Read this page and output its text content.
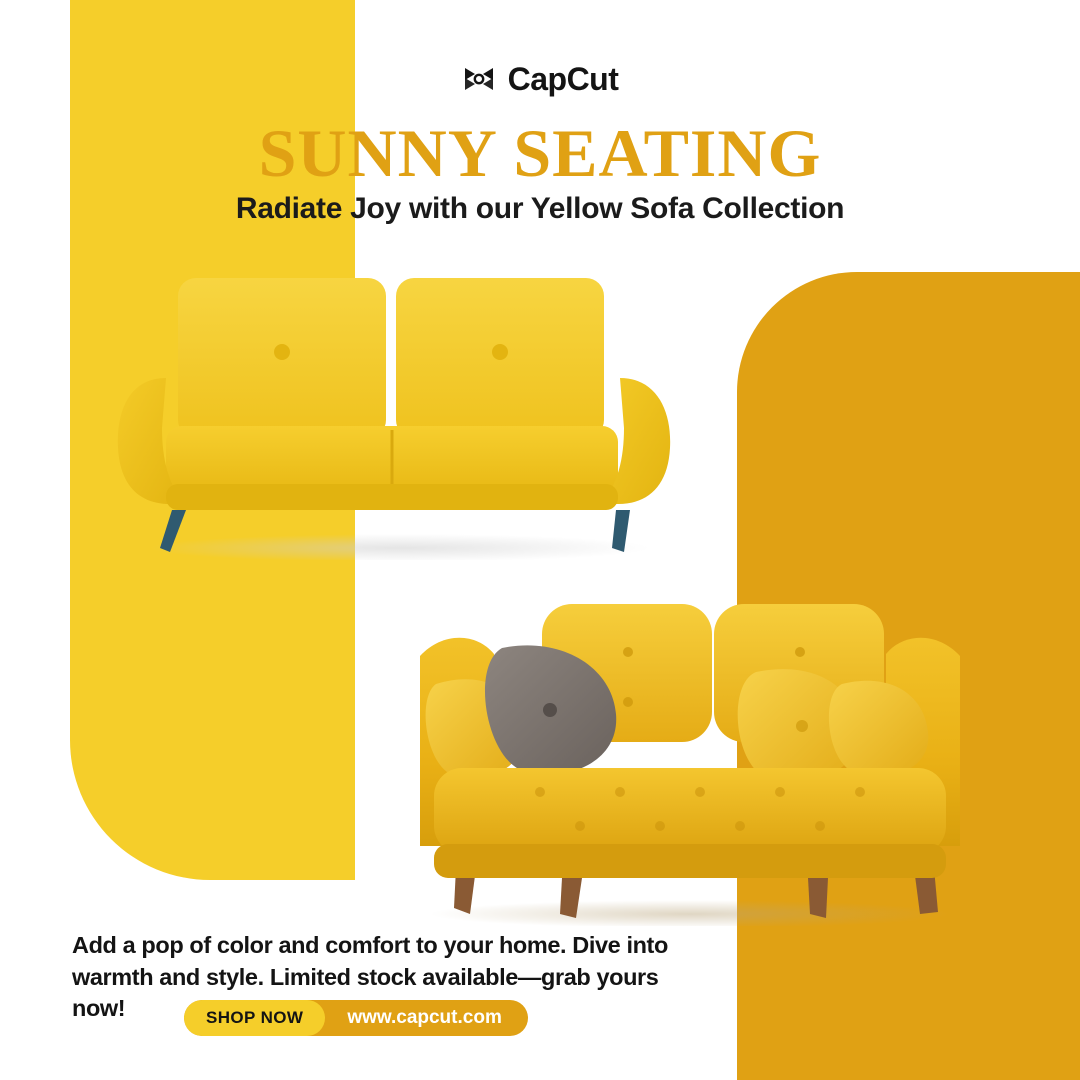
CapCut
SUNNY SEATING
Radiate Joy with our Yellow Sofa Collection
Add a pop of color and comfort to your home. Dive into warmth and style. Limited stock available—grab yours now!	SHOP NOW	www.capcut.com
